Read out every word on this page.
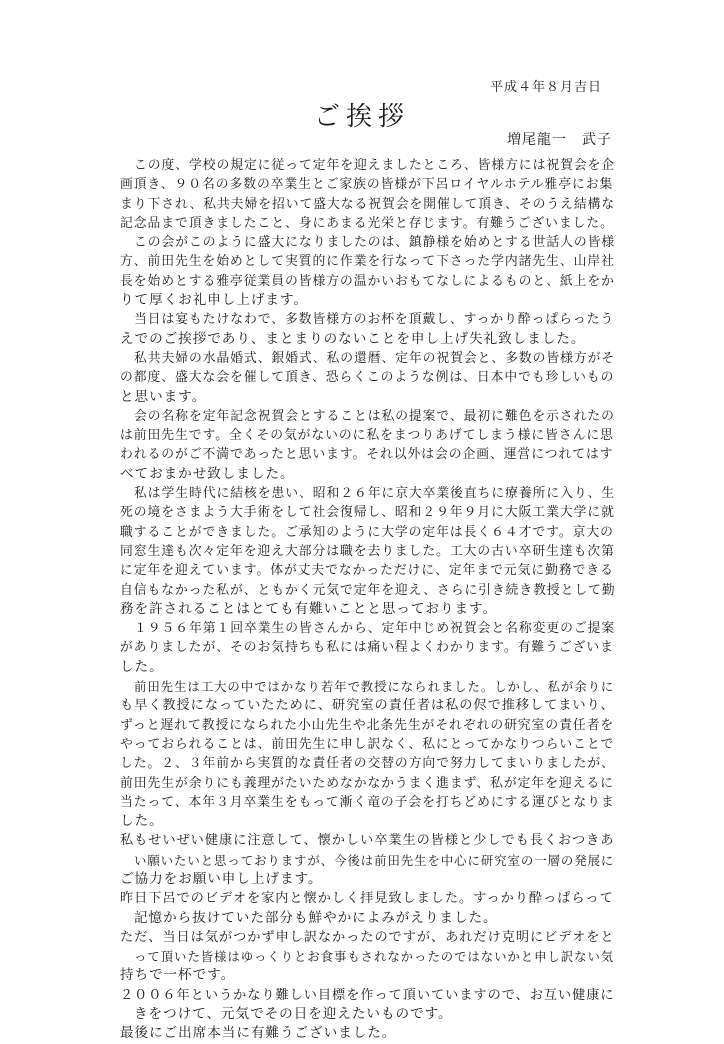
平成４年８月吉日
ご挨拶
増尾龍一　武子
この度、学校の規定に従って定年を迎えましたところ、皆様方には祝賀会を企
画頂き、９０名の多数の卒業生とご家族の皆様が下呂ロイヤルホテル雅亭にお集
まり下され、私共夫婦を招いて盛大なる祝賀会を開催して頂き、そのうえ結構な
記念品まで頂きましたこと、身にあまる光栄と存じます。有難うございました。
この会がこのように盛大になりましたのは、鎮静様を始めとする世話人の皆様
方、前田先生を始めとして実質的に作業を行なって下さった学内諸先生、山岸社
長を始めとする雅亭従業員の皆様方の温かいおもてなしによるものと、紙上をか
りて厚くお礼申し上げます。
当日は宴もたけなわで、多数皆様方のお杯を頂戴し、すっかり酔っぱらったう
えでのご挨拶であり、まとまりのないことを申し上げ失礼致しました。
私共夫婦の水晶婚式、銀婚式、私の還暦、定年の祝賀会と、多数の皆様方がそ
の都度、盛大な会を催して頂き、恐らくこのような例は、日本中でも珍しいもの
と思います。
会の名称を定年記念祝賀会とすることは私の提案で、最初に難色を示されたの
は前田先生です。全くその気がないのに私をまつりあげてしまう様に皆さんに思
われるのがご不満であったと思います。それ以外は会の企画、運営につれてはす
べておまかせ致しました。
私は学生時代に結核を患い、昭和２６年に京大卒業後直ちに療養所に入り、生
死の境をさまよう大手術をして社会復帰し、昭和２９年９月に大阪工業大学に就
職することができました。ご承知のように大学の定年は長く６４才です。京大の
同窓生達も次々定年を迎え大部分は職を去りました。工大の古い卒研生達も次第
に定年を迎えています。体が丈夫でなかっただけに、定年まで元気に勤務できる
自信もなかった私が、ともかく元気で定年を迎え、さらに引き続き教授として勤
務を許されることはとても有難いことと思っております。
１９５６年第１回卒業生の皆さんから、定年中じめ祝賀会と名称変更のご提案
がありましたが、そのお気持ちも私には痛い程よくわかります。有難うございま
した。
前田先生は工大の中ではかなり若年で教授になられました。しかし、私が余りに
も早く教授になっていたために、研究室の責任者は私の侭で推移してまいり、
ずっと遅れて教授になられた小山先生や北条先生がそれぞれの研究室の責任者を
やっておられることは、前田先生に申し訳なく、私にとってかなりつらいことで
した。２、３年前から実質的な責任者の交替の方向で努力してまいりましたが、
前田先生が余りにも義理がたいためなかなかうまく進まず、私が定年を迎えるに
当たって、本年３月卒業生をもって漸く竜の子会を打ちどめにする運びとなりま
した。
私もせいぜい健康に注意して、懐かしい卒業生の皆様と少しでも長くおつきあ
い願いたいと思っておりますが、今後は前田先生を中心に研究室の一層の発展に
ご協力をお願い申し上げます。
昨日下呂でのビデオを家内と懐かしく拝見致しました。すっかり酔っぱらって
記憶から抜けていた部分も鮮やかによみがえりました。
ただ、当日は気がつかず申し訳なかったのですが、あれだけ克明にビデオをと
って頂いた皆様はゆっくりとお食事もされなかったのではないかと申し訳ない気
持ちで一杯です。
２００６年というかなり難しい目標を作って頂いていますので、お互い健康に
きをつけて、元気でその日を迎えたいものです。
最後にご出席本当に有難うございました。
